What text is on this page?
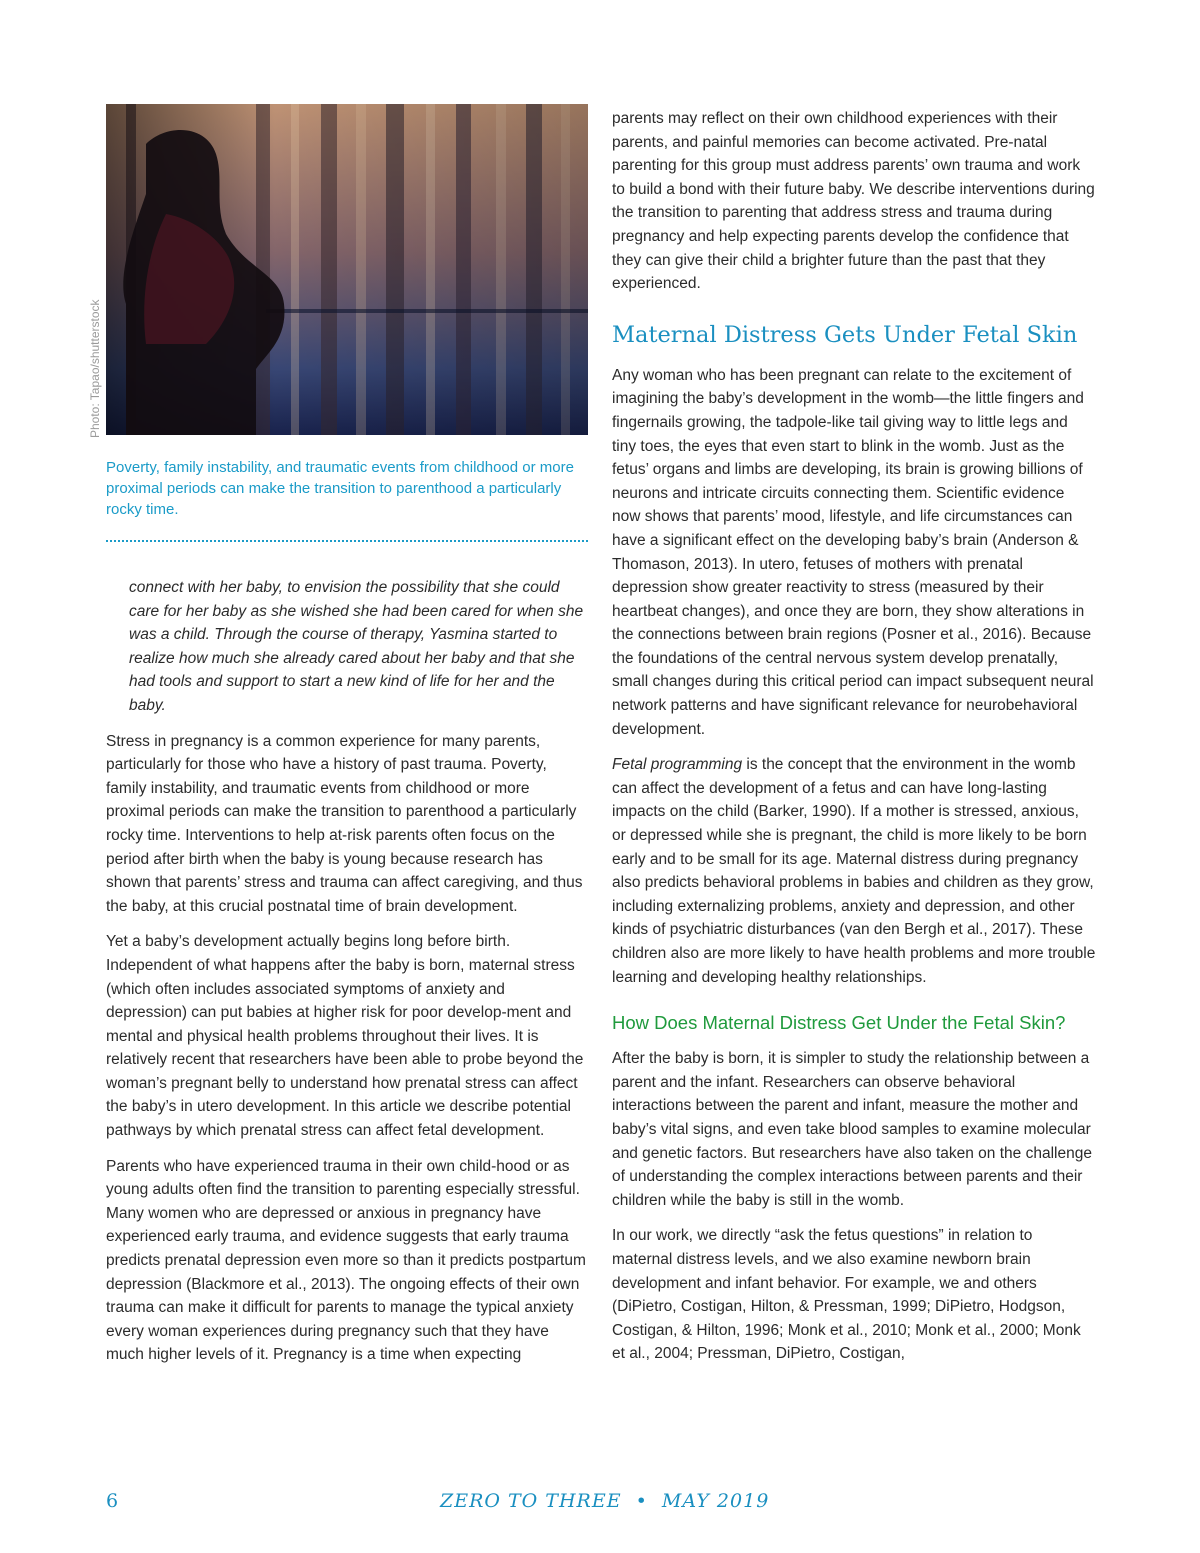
Photo: Tapao/shutterstock
Poverty, family instability, and traumatic events from childhood or more proximal periods can make the transition to parenthood a particularly rocky time.

connect with her baby, to envision the possibility that she could care for her baby as she wished she had been cared for when she was a child. Through the course of therapy, Yasmina started to realize how much she already cared about her baby and that she had tools and support to start a new kind of life for her and the baby.

Stress in pregnancy is a common experience for many parents, particularly for those who have a history of past trauma. Poverty, family instability, and traumatic events from childhood or more proximal periods can make the transition to parenthood a particularly rocky time. Interventions to help at-risk parents often focus on the period after birth when the baby is young because research has shown that parents’ stress and trauma can affect caregiving, and thus the baby, at this crucial postnatal time of brain development.

Yet a baby’s development actually begins long before birth. Independent of what happens after the baby is born, maternal stress (which often includes associated symptoms of anxiety and depression) can put babies at higher risk for poor develop-ment and mental and physical health problems throughout their lives. It is relatively recent that researchers have been able to probe beyond the woman’s pregnant belly to understand how prenatal stress can affect the baby’s in utero development. In this article we describe potential pathways by which prenatal stress can affect fetal development.

Parents who have experienced trauma in their own child-hood or as young adults often find the transition to parenting especially stressful. Many women who are depressed or anxious in pregnancy have experienced early trauma, and evidence suggests that early trauma predicts prenatal depression even more so than it predicts postpartum depression (Blackmore et al., 2013). The ongoing effects of their own trauma can make it difficult for parents to manage the typical anxiety every woman experiences during pregnancy such that they have much higher levels of it. Pregnancy is a time when expecting

parents may reflect on their own childhood experiences with their parents, and painful memories can become activated. Pre-natal parenting for this group must address parents’ own trauma and work to build a bond with their future baby. We describe interventions during the transition to parenting that address stress and trauma during pregnancy and help expecting parents develop the confidence that they can give their child a brighter future than the past that they experienced.

Maternal Distress Gets Under Fetal Skin

Any woman who has been pregnant can relate to the excitement of imagining the baby’s development in the womb—the little fingers and fingernails growing, the tadpole-like tail giving way to little legs and tiny toes, the eyes that even start to blink in the womb. Just as the fetus’ organs and limbs are developing, its brain is growing billions of neurons and intricate circuits connecting them. Scientific evidence now shows that parents’ mood, lifestyle, and life circumstances can have a significant effect on the developing baby’s brain (Anderson & Thomason, 2013). In utero, fetuses of mothers with prenatal depression show greater reactivity to stress (measured by their heartbeat changes), and once they are born, they show alterations in the connections between brain regions (Posner et al., 2016). Because the foundations of the central nervous system develop prenatally, small changes during this critical period can impact subsequent neural network patterns and have significant relevance for neurobehavioral development.

Fetal programming is the concept that the environment in the womb can affect the development of a fetus and can have long-lasting impacts on the child (Barker, 1990). If a mother is stressed, anxious, or depressed while she is pregnant, the child is more likely to be born early and to be small for its age. Maternal distress during pregnancy also predicts behavioral problems in babies and children as they grow, including externalizing problems, anxiety and depression, and other kinds of psychiatric disturbances (van den Bergh et al., 2017). These children also are more likely to have health problems and more trouble learning and developing healthy relationships.

How Does Maternal Distress Get Under the Fetal Skin?

After the baby is born, it is simpler to study the relationship between a parent and the infant. Researchers can observe behavioral interactions between the parent and infant, measure the mother and baby’s vital signs, and even take blood samples to examine molecular and genetic factors. But researchers have also taken on the challenge of understanding the complex interactions between parents and their children while the baby is still in the womb.

In our work, we directly “ask the fetus questions” in relation to maternal distress levels, and we also examine newborn brain development and infant behavior. For example, we and others (DiPietro, Costigan, Hilton, & Pressman, 1999; DiPietro, Hodgson, Costigan, & Hilton, 1996; Monk et al., 2010; Monk et al., 2000; Monk et al., 2004; Pressman, DiPietro, Costigan,

6	ZERO TO THREE  •  MAY 2019
